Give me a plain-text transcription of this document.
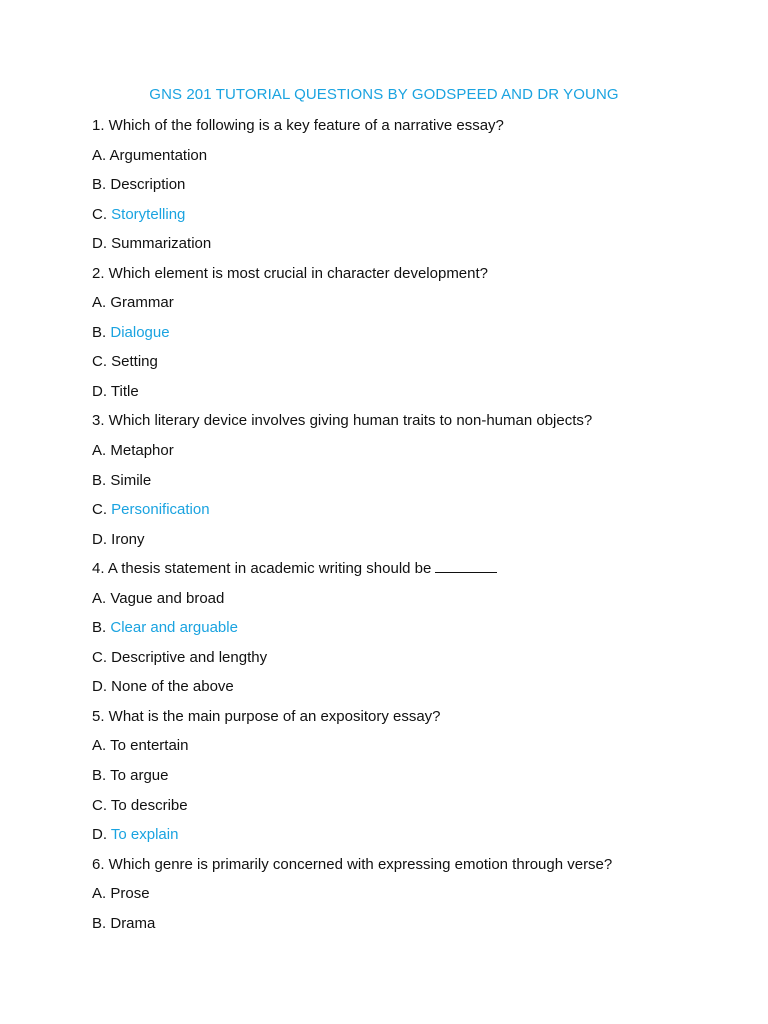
GNS 201 TUTORIAL QUESTIONS BY GODSPEED AND DR YOUNG
1. Which of the following is a key feature of a narrative essay?
A. Argumentation
B. Description
C. Storytelling
D. Summarization
2. Which element is most crucial in character development?
A. Grammar
B. Dialogue
C. Setting
D. Title
3. Which literary device involves giving human traits to non-human objects?
A. Metaphor
B. Simile
C. Personification
D. Irony
4. A thesis statement in academic writing should be
A. Vague and broad
B. Clear and arguable
C. Descriptive and lengthy
D. None of the above
5. What is the main purpose of an expository essay?
A. To entertain
B. To argue
C. To describe
D. To explain
6. Which genre is primarily concerned with expressing emotion through verse?
A. Prose
B. Drama
